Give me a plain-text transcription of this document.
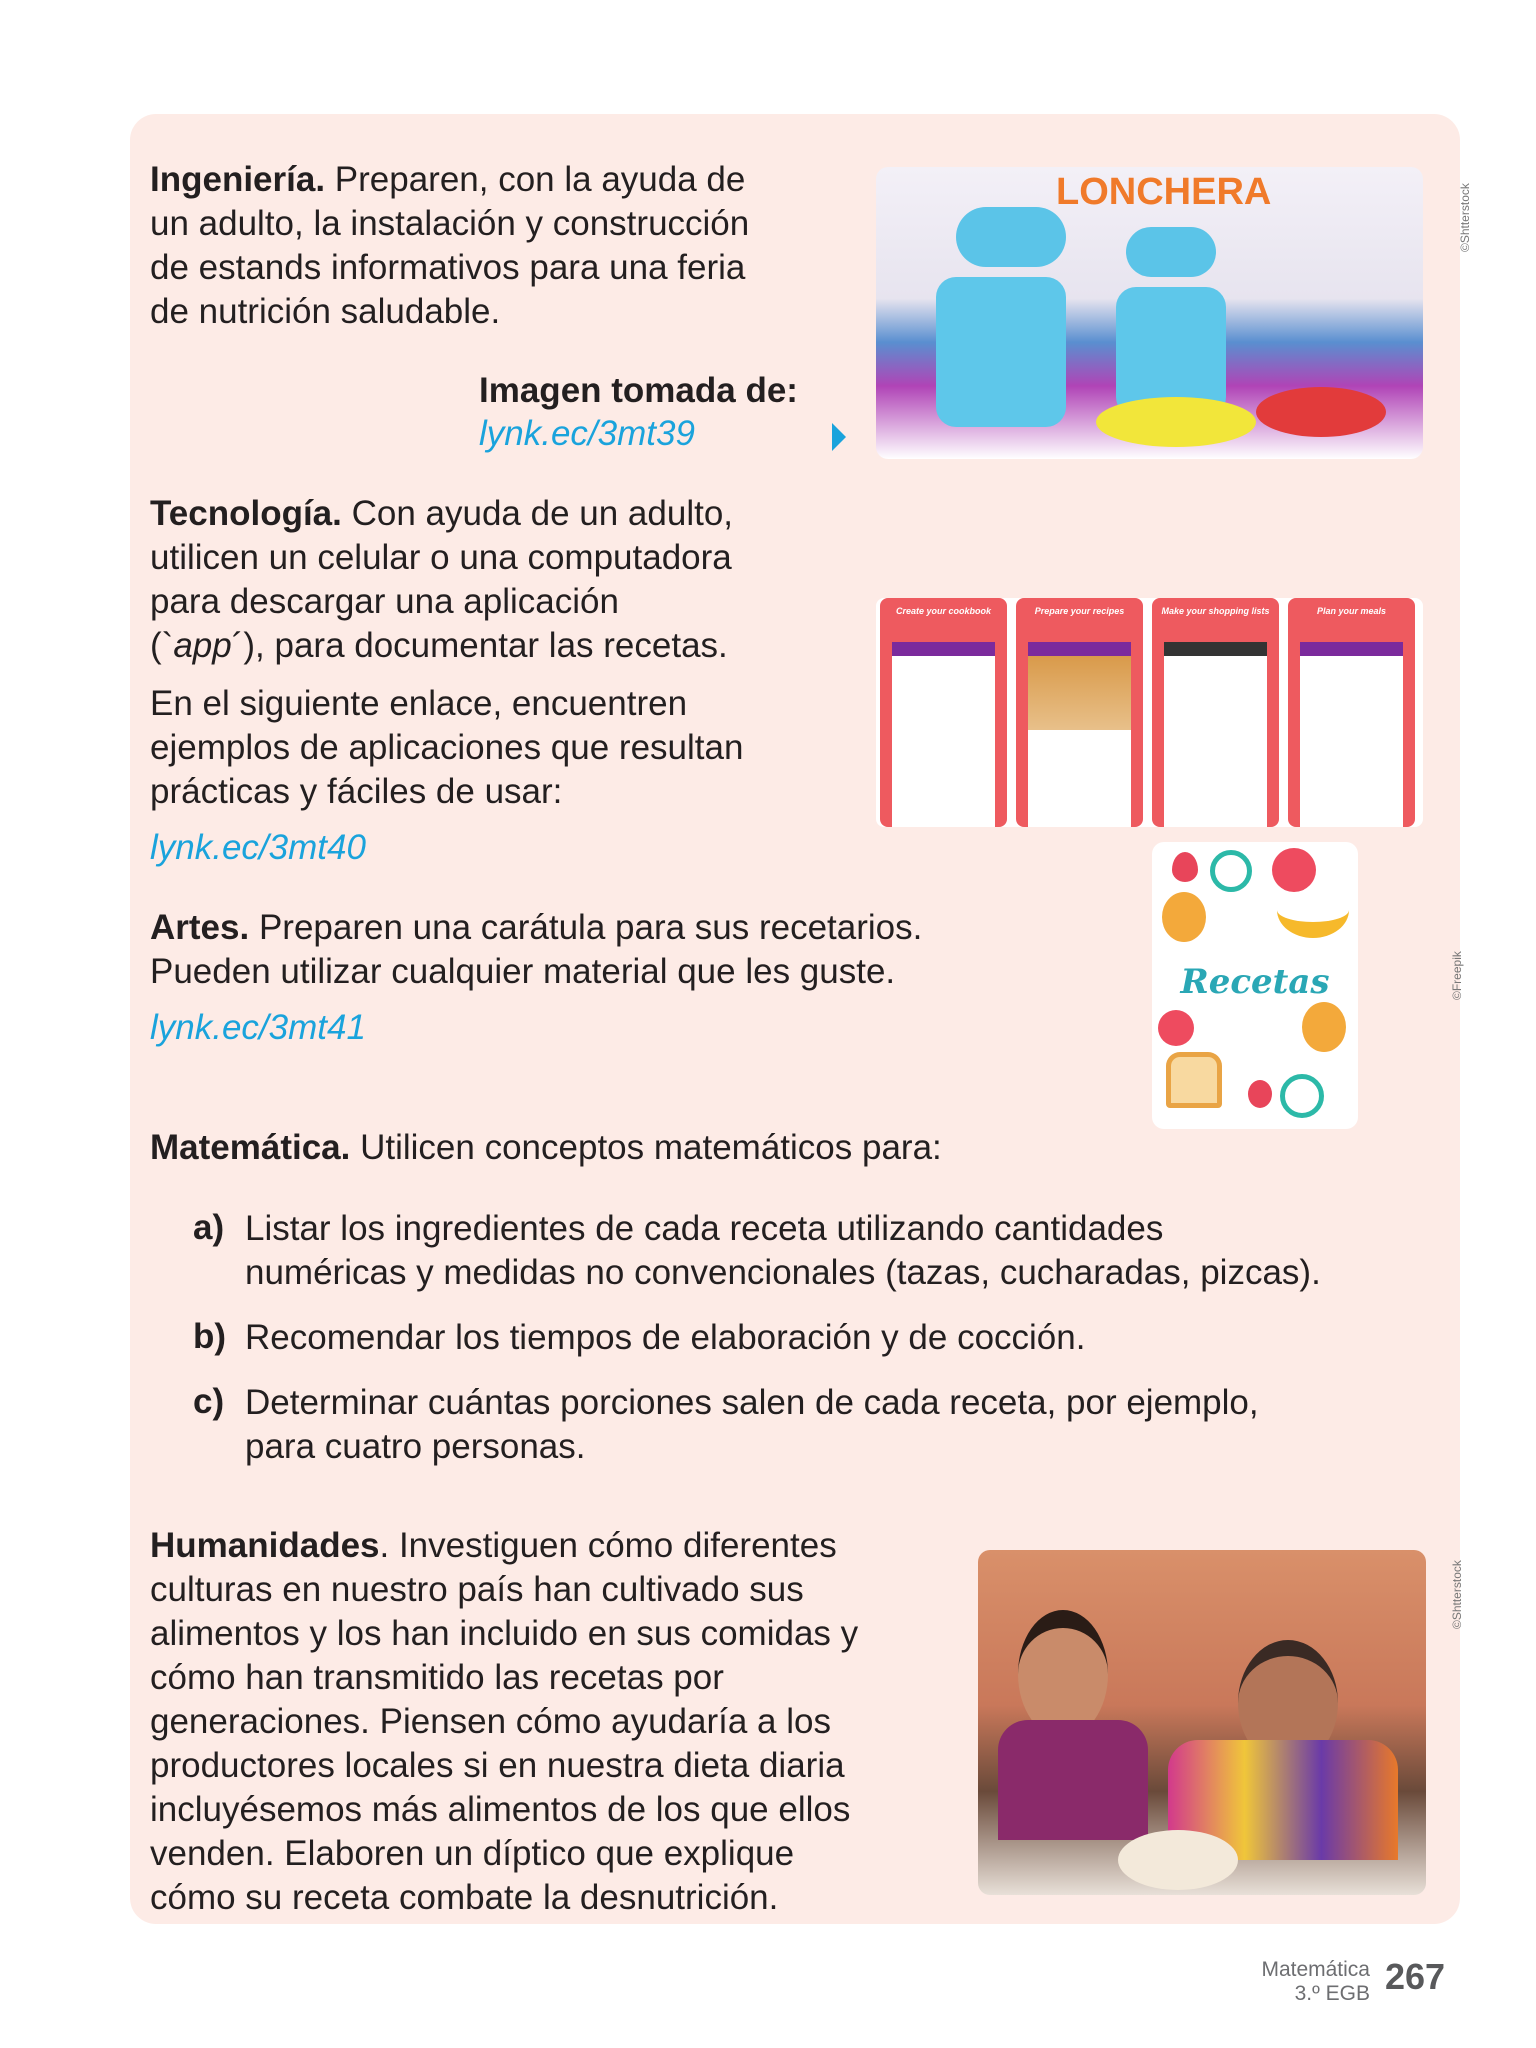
Ingeniería. Preparen, con la ayuda de
un adulto, la instalación y construcción
de estands informativos para una feria
de nutrición saludable.
Imagen tomada de:
lynk.ec/3mt39
LONCHERA
Tecnología. Con ayuda de un adulto,
utilicen un celular o una computadora
para descargar una aplicación
(`app´), para documentar las recetas.
En el siguiente enlace, encuentren
ejemplos de aplicaciones que resultan
prácticas y fáciles de usar:
lynk.ec/3mt40
Create your cookbook	Prepare your recipes	Make your shopping lists	Plan your meals
Artes. Preparen una carátula para sus recetarios.
Pueden utilizar cualquier material que les guste.
lynk.ec/3mt41
Recetas
Matemática. Utilicen conceptos matemáticos para:
a) Listar los ingredientes de cada receta utilizando cantidades
numéricas y medidas no convencionales (tazas, cucharadas, pizcas).
b) Recomendar los tiempos de elaboración y de cocción.
c) Determinar cuántas porciones salen de cada receta, por ejemplo,
para cuatro personas.
Humanidades. Investiguen cómo diferentes
culturas en nuestro país han cultivado sus
alimentos y los han incluido en sus comidas y
cómo han transmitido las recetas por
generaciones. Piensen cómo ayudaría a los
productores locales si en nuestra dieta diaria
incluyésemos más alimentos de los que ellos
venden. Elaboren un díptico que explique
cómo su receta combate la desnutrición.
©Shtterstock
©Freepik
©Shtterstock
Matemática
3.º EGB 267
